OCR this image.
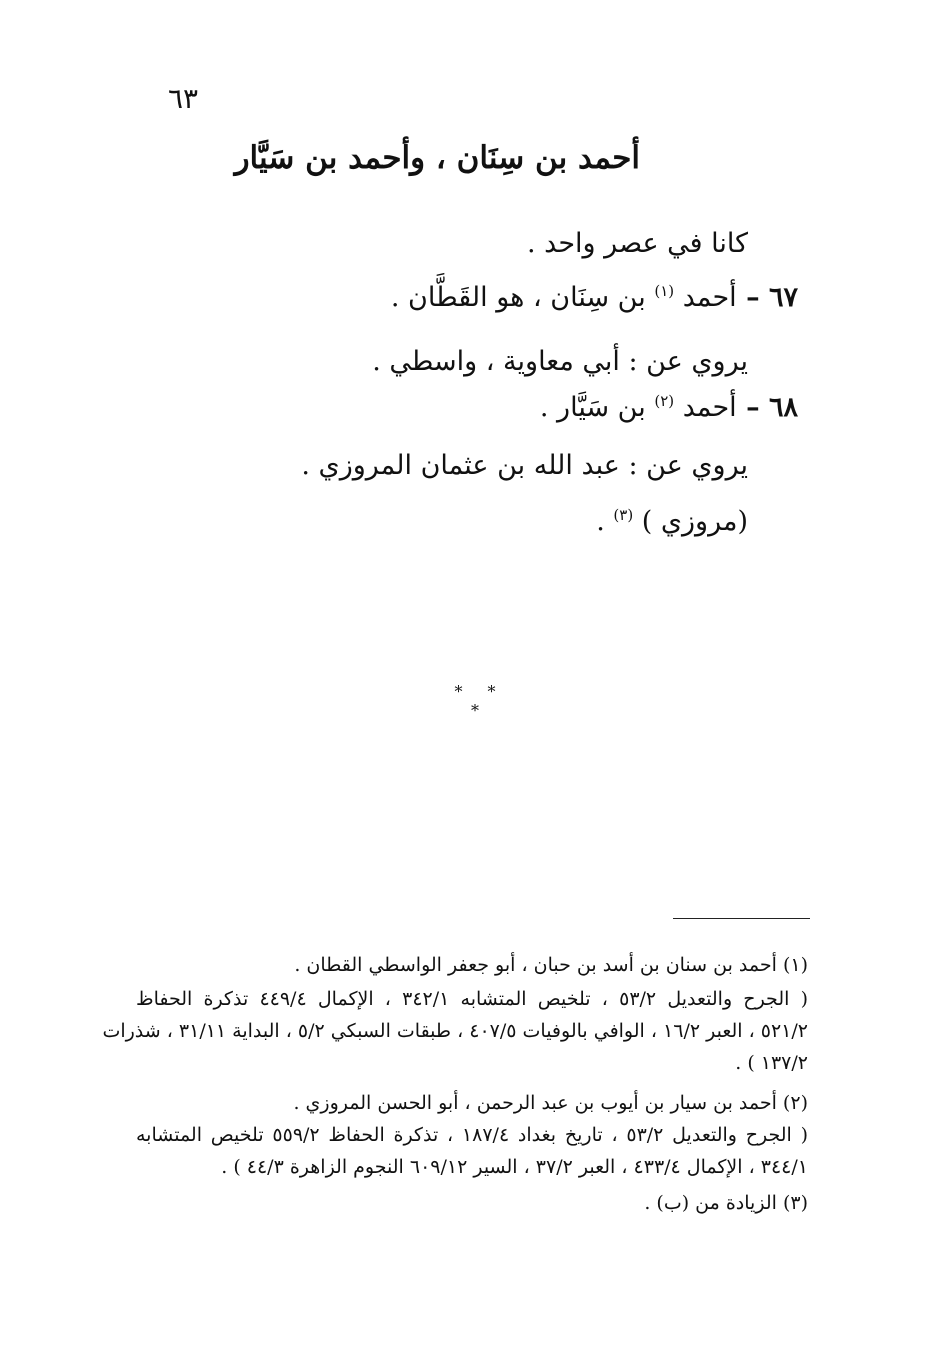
٦٣
أحمد بن سِنَان ، وأحمد بن سَيَّار
كانا في عصر واحد .
٦٧ – أحمد $^{(١)}$ بن سِنَان ، هو القَطَّان .
يروي عن : أبي معاوية ، واسطي .
٦٨ – أحمد $^{(٢)}$ بن سَيَّار .
يروي عن : عبد الله بن عثمان المروزي .
(مروزي ) $^{(٣)}$ .
* * *
(١) أحمد بن سنان بن أسد بن حبان ، أبو جعفر الواسطي القطان .
( الجرح والتعديل ٥٣/٢ ، تلخيص المتشابه ٣٤٢/١ ، الإكمال ٤٤٩/٤ تذكرة الحفاظ
٥٢١/٢ ، العبر ١٦/٢ ، الوافي بالوفيات ٤٠٧/٥ ، طبقات السبكي ٥/٢ ، البداية ٣١/١١ ، شذرات
١٣٧/٢ ) .
(٢) أحمد بن سيار بن أيوب بن عبد الرحمن ، أبو الحسن المروزي .
( الجرح والتعديل ٥٣/٢ ، تاريخ بغداد ١٨٧/٤ ، تذكرة الحفاظ ٥٥٩/٢ تلخيص المتشابه
٣٤٤/١ ، الإكمال ٤٣٣/٤ ، العبر ٣٧/٢ ، السير ٦٠٩/١٢ النجوم الزاهرة ٤٤/٣ ) .
(٣) الزيادة من (ب) .
